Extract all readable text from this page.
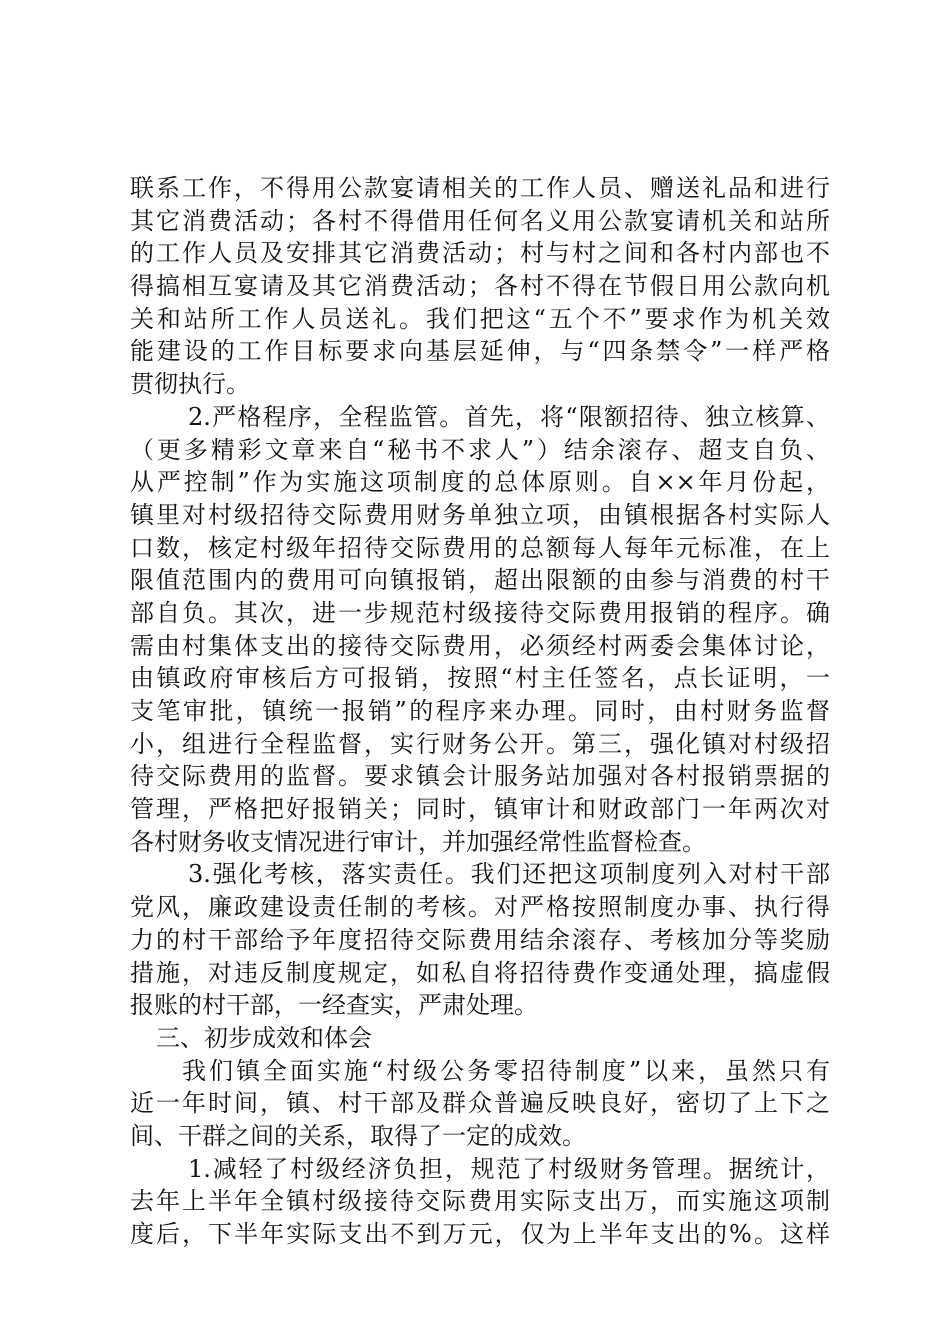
联系工作，不得用公款宴请相关的工作人员、赠送礼品和进行
其它消费活动；各村不得借用任何名义用公款宴请机关和站所
的工作人员及安排其它消费活动；村与村之间和各村内部也不
得搞相互宴请及其它消费活动；各村不得在节假日用公款向机
关和站所工作人员送礼。我们把这“五个不”要求作为机关效
能建设的工作目标要求向基层延伸，与“四条禁令”一样严格
贯彻执行。
2.严格程序，全程监管。首先，将“限额招待、独立核算、
（更多精彩文章来自“秘书不求人”）结余滚存、超支自负、
从严控制”作为实施这项制度的总体原则。自××年月份起，
镇里对村级招待交际费用财务单独立项，由镇根据各村实际人
口数，核定村级年招待交际费用的总额每人每年元标准，在上
限值范围内的费用可向镇报销，超出限额的由参与消费的村干
部自负。其次，进一步规范村级接待交际费用报销的程序。确
需由村集体支出的接待交际费用，必须经村两委会集体讨论，
由镇政府审核后方可报销，按照“村主任签名，点长证明，一
支笔审批，镇统一报销”的程序来办理。同时，由村财务监督
小，组进行全程监督，实行财务公开。第三，强化镇对村级招
待交际费用的监督。要求镇会计服务站加强对各村报销票据的
管理，严格把好报销关；同时，镇审计和财政部门一年两次对
各村财务收支情况进行审计，并加强经常性监督检查。
3.强化考核，落实责任。我们还把这项制度列入对村干部
党风，廉政建设责任制的考核。对严格按照制度办事、执行得
力的村干部给予年度招待交际费用结余滚存、考核加分等奖励
措施，对违反制度规定，如私自将招待费作变通处理，搞虚假
报账的村干部，一经查实，严肃处理。
三、初步成效和体会
我们镇全面实施“村级公务零招待制度”以来，虽然只有
近一年时间，镇、村干部及群众普遍反映良好，密切了上下之
间、干群之间的关系，取得了一定的成效。
1.减轻了村级经济负担，规范了村级财务管理。据统计，
去年上半年全镇村级接待交际费用实际支出万，而实施这项制
度后，下半年实际支出不到万元，仅为上半年支出的%。这样
